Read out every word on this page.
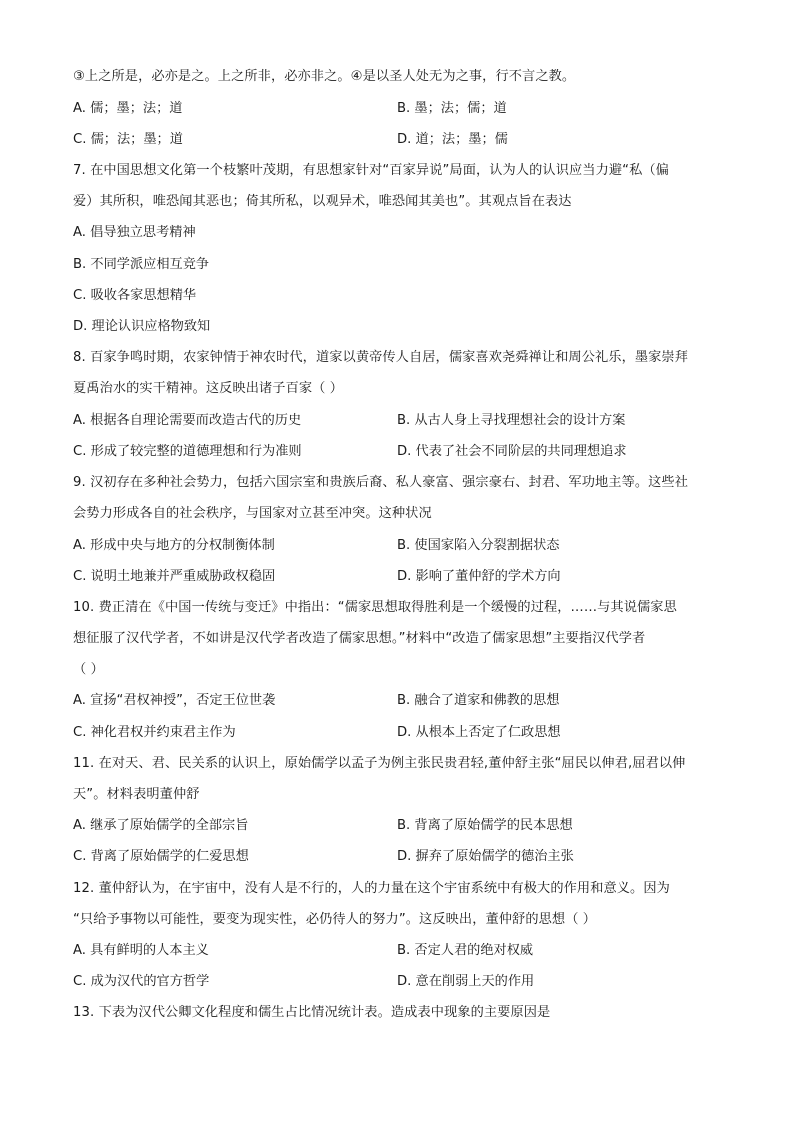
③上之所是，必亦是之。上之所非，必亦非之。④是以圣人处无为之事，行不言之教。
A. 儒；墨；法；道	B. 墨；法；儒；道
C. 儒；法；墨；道	D. 道；法；墨；儒
7. 在中国思想文化第一个枝繁叶茂期，有思想家针对“百家异说”局面，认为人的认识应当力避“私（偏
爱）其所积，唯恐闻其恶也；倚其所私，以观异术，唯恐闻其美也”。其观点旨在表达
A. 倡导独立思考精神
B. 不同学派应相互竞争
C. 吸收各家思想精华
D. 理论认识应格物致知
8. 百家争鸣时期，农家钟情于神农时代，道家以黄帝传人自居，儒家喜欢尧舜禅让和周公礼乐，墨家崇拜
夏禹治水的实干精神。这反映出诸子百家（ ）
A. 根据各自理论需要而改造古代的历史	B. 从古人身上寻找理想社会的设计方案
C. 形成了较完整的道德理想和行为准则	D. 代表了社会不同阶层的共同理想追求
9. 汉初存在多种社会势力，包括六国宗室和贵族后裔、私人豪富、强宗豪右、封君、军功地主等。这些社
会势力形成各自的社会秩序，与国家对立甚至冲突。这种状况
A. 形成中央与地方的分权制衡体制	B. 使国家陷入分裂割据状态
C. 说明土地兼并严重威胁政权稳固	D. 影响了董仲舒的学术方向
10. 费正清在《中国一传统与变迁》中指出：“儒家思想取得胜利是一个缓慢的过程，……与其说儒家思
想征服了汉代学者，不如讲是汉代学者改造了儒家思想。”材料中“改造了儒家思想”主要指汉代学者
（ ）
A. 宣扬“君权神授”，否定王位世袭	B. 融合了道家和佛教的思想
C. 神化君权并约束君主作为	D. 从根本上否定了仁政思想
11. 在对天、君、民关系的认识上，原始儒学以孟子为例主张民贵君轻,董仲舒主张“屈民以伸君,屈君以伸
天”。材料表明董仲舒
A. 继承了原始儒学的全部宗旨	B. 背离了原始儒学的民本思想
C. 背离了原始儒学的仁爱思想	D. 摒弃了原始儒学的德治主张
12. 董仲舒认为，在宇宙中，没有人是不行的，人的力量在这个宇宙系统中有极大的作用和意义。因为
“只给予事物以可能性，要变为现实性，必仍待人的努力”。这反映出，董仲舒的思想（ ）
A. 具有鲜明的人本主义	B. 否定人君的绝对权威
C. 成为汉代的官方哲学	D. 意在削弱上天的作用
13. 下表为汉代公卿文化程度和儒生占比情况统计表。造成表中现象的主要原因是
